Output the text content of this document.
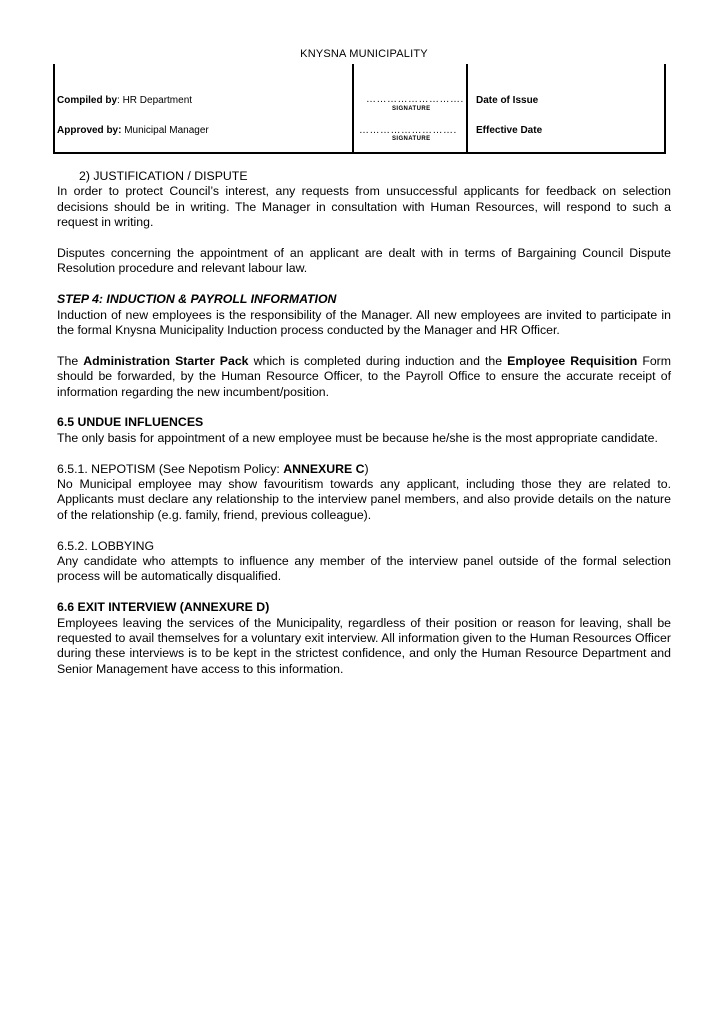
KNYSNA MUNICIPALITY
Compiled by: HR Department	……………………….
SIGNATURE
Date of Issue
Approved by: Municipal Manager	……………………….
SIGNATURE
Effective Date

2) JUSTIFICATION / DISPUTE
In order to protect Council’s interest, any requests from unsuccessful applicants for feedback on selection decisions should be in writing. The Manager in consultation with Human Resources, will respond to such a request in writing.

Disputes concerning the appointment of an applicant are dealt with in terms of Bargaining Council Dispute Resolution procedure and relevant labour law.

STEP 4: INDUCTION & PAYROLL INFORMATION
Induction of new employees is the responsibility of the Manager. All new employees are invited to participate in the formal Knysna Municipality Induction process conducted by the Manager and HR Officer.

The Administration Starter Pack which is completed during induction and the Employee Requisition Form should be forwarded, by the Human Resource Officer, to the Payroll Office to ensure the accurate receipt of information regarding the new incumbent/position.

6.5 UNDUE INFLUENCES
The only basis for appointment of a new employee must be because he/she is the most appropriate candidate.

6.5.1. NEPOTISM (See Nepotism Policy: ANNEXURE C)
No Municipal employee may show favouritism towards any applicant, including those they are related to. Applicants must declare any relationship to the interview panel members, and also provide details on the nature of the relationship (e.g. family, friend, previous colleague).

6.5.2. LOBBYING
Any candidate who attempts to influence any member of the interview panel outside of the formal selection process will be automatically disqualified.

6.6 EXIT INTERVIEW (ANNEXURE D)
Employees leaving the services of the Municipality, regardless of their position or reason for leaving, shall be requested to avail themselves for a voluntary exit interview. All information given to the Human Resources Officer during these interviews is to be kept in the strictest confidence, and only the Human Resource Department and Senior Management have access to this information.
